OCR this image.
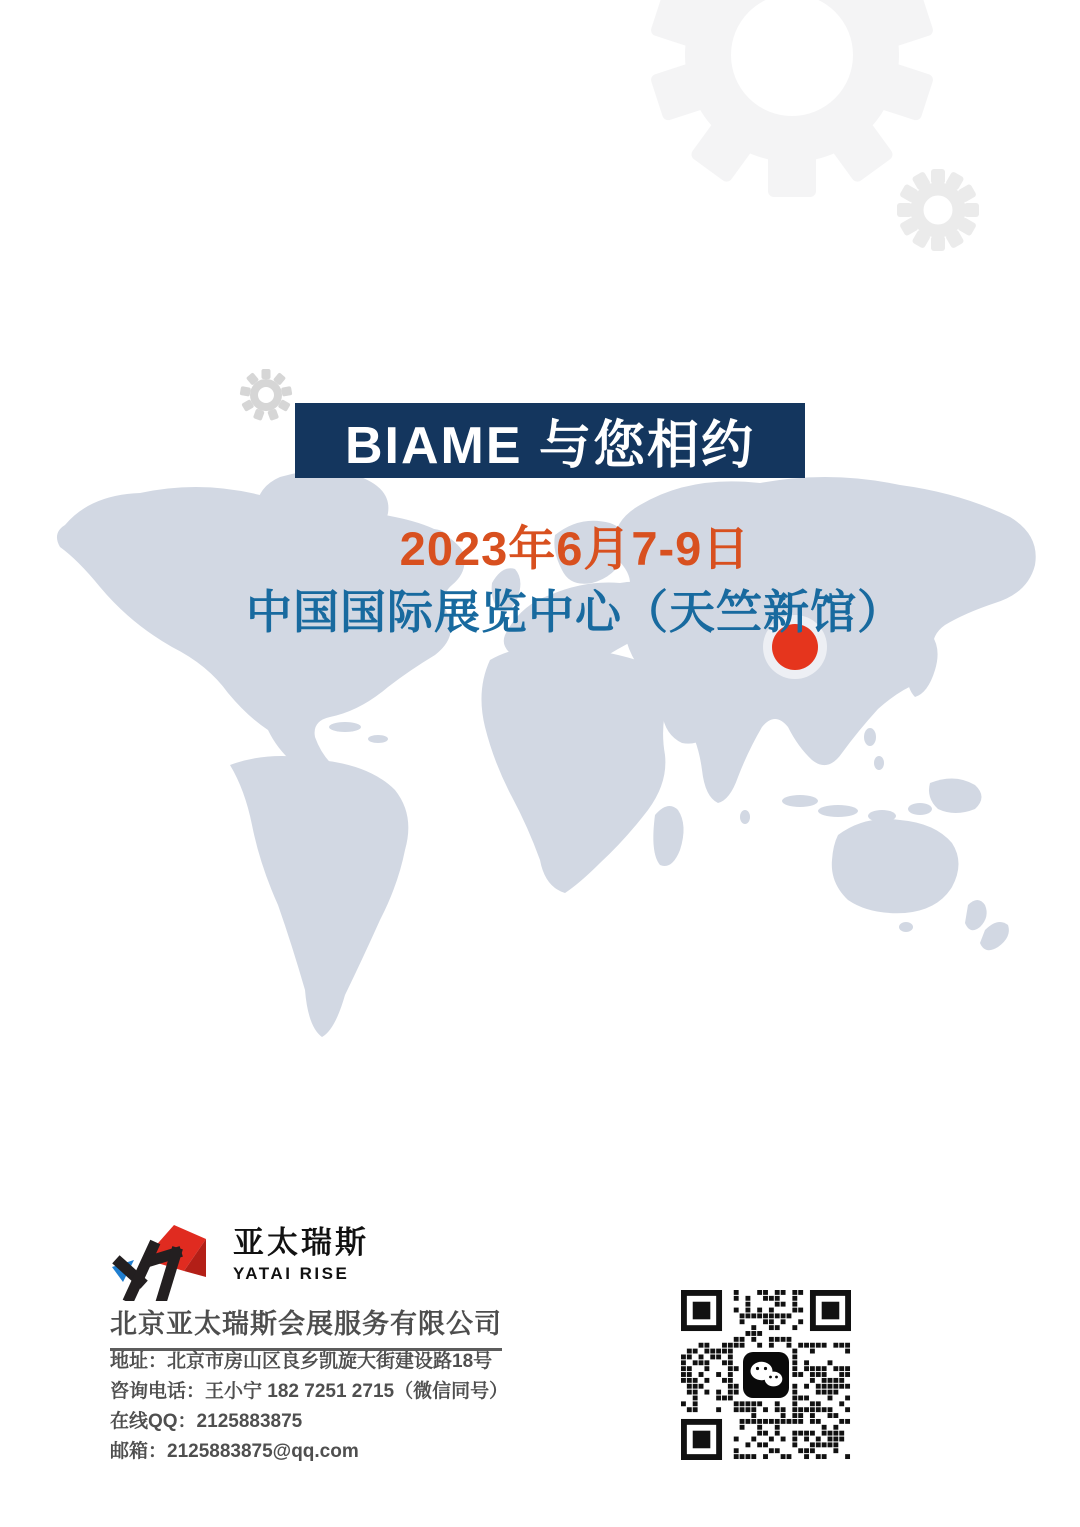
BIAME 与您相约
2023年6月7-9日
中国国际展览中心（天竺新馆）
亚太瑞斯
YATAI RISE
北京亚太瑞斯会展服务有限公司
地址：北京市房山区良乡凯旋大街建设路18号
咨询电话：王小宁 182 7251 2715（微信同号）
在线QQ：2125883875
邮箱：2125883875@qq.com
